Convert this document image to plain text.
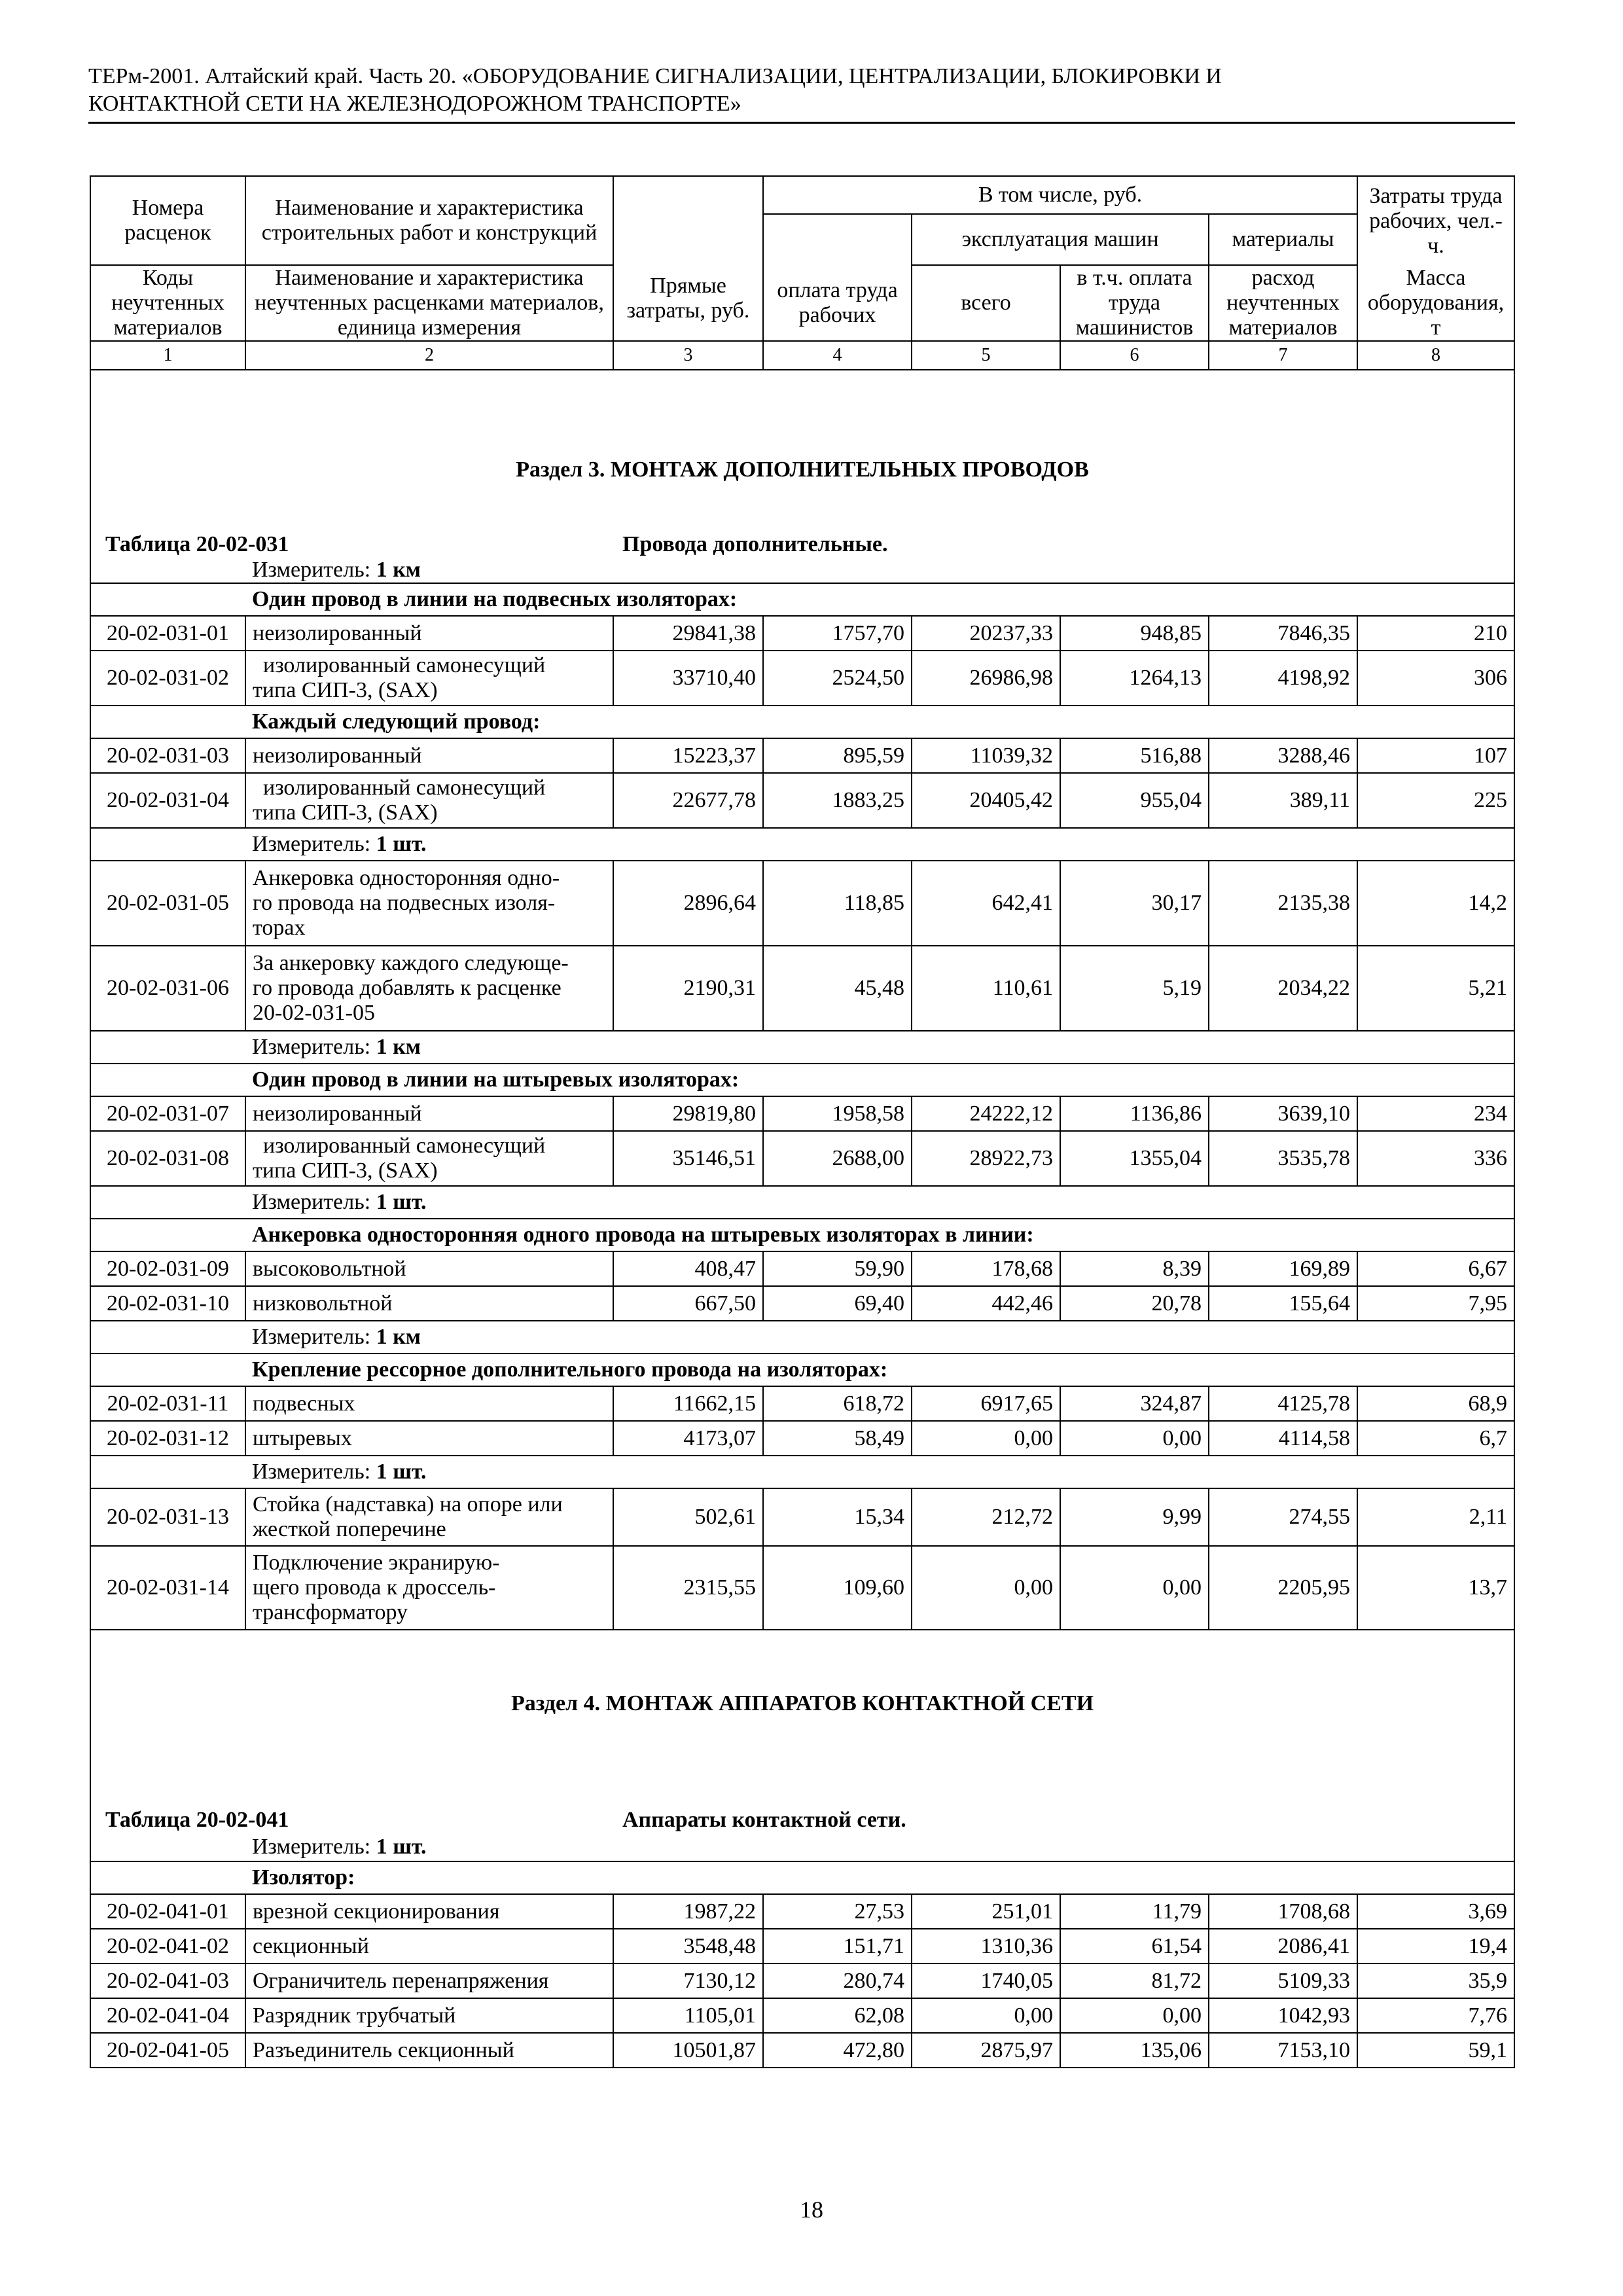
ТЕРм-2001. Алтайский край. Часть 20. «ОБОРУДОВАНИЕ СИГНАЛИЗАЦИИ, ЦЕНТРАЛИЗАЦИИ, БЛОКИРОВКИ И
КОНТАКТНОЙ СЕТИ НА ЖЕЛЕЗНОДОРОЖНОМ ТРАНСПОРТЕ»
Номера расценок	Наименование и характеристика строительных работ и конструкций	Прямые затраты, руб.	В том числе, руб.				Затраты труда рабочих, чел.-ч.
				эксплуатация машин		материалы	
Коды неучтенных материалов	Наименование и характеристика неучтенных расценками материалов, единица измерения		оплата труда рабочих	всего	в т.ч. оплата труда машинистов	расход неучтенных материалов	Масса оборудования, т
1	2	3	4	5	6	7	8
Раздел 3. МОНТАЖ ДОПОЛНИТЕЛЬНЫХ ПРОВОДОВ							
Таблица 20-02-031		Провода дополнительные.					
	Измеритель: 1 км						
	Один провод в линии на подвесных изоляторах:						
20-02-031-01	неизолированный	29841,38	1757,70	20237,33	948,85	7846,35	210
20-02-031-02	изолированный самонесущий
типа СИП-3, (SAX)	33710,40	2524,50	26986,98	1264,13	4198,92	306
	Каждый следующий провод:						
20-02-031-03	неизолированный	15223,37	895,59	11039,32	516,88	3288,46	107
20-02-031-04	изолированный самонесущий
типа СИП-3, (SAX)	22677,78	1883,25	20405,42	955,04	389,11	225
	Измеритель: 1 шт.						
20-02-031-05	Анкеровка односторонняя одно-
го провода на подвесных изоля-
торах	2896,64	118,85	642,41	30,17	2135,38	14,2
20-02-031-06	За анкеровку каждого следующе-
го провода добавлять к расценке
20-02-031-05	2190,31	45,48	110,61	5,19	2034,22	5,21
	Измеритель: 1 км						
	Один провод в линии на штыревых изоляторах:						
20-02-031-07	неизолированный	29819,80	1958,58	24222,12	1136,86	3639,10	234
20-02-031-08	изолированный самонесущий
типа СИП-3, (SAX)	35146,51	2688,00	28922,73	1355,04	3535,78	336
	Измеритель: 1 шт.						
	Анкеровка односторонняя одного провода на штыревых изоляторах в линии:						
20-02-031-09	высоковольтной	408,47	59,90	178,68	8,39	169,89	6,67
20-02-031-10	низковольтной	667,50	69,40	442,46	20,78	155,64	7,95
	Измеритель: 1 км						
	Крепление рессорное дополнительного провода на изоляторах:						
20-02-031-11	подвесных	11662,15	618,72	6917,65	324,87	4125,78	68,9
20-02-031-12	штыревых	4173,07	58,49	0,00	0,00	4114,58	6,7
	Измеритель: 1 шт.						
20-02-031-13	Стойка (надставка) на опоре или
жесткой поперечине	502,61	15,34	212,72	9,99	274,55	2,11
20-02-031-14	Подключение экранирую-
щего провода к дроссель-
трансформатору	2315,55	109,60	0,00	0,00	2205,95	13,7
Раздел 4. МОНТАЖ АППАРАТОВ КОНТАКТНОЙ СЕТИ							
Таблица 20-02-041		Аппараты контактной сети.					
	Измеритель: 1 шт.						
	Изолятор:						
20-02-041-01	врезной секционирования	1987,22	27,53	251,01	11,79	1708,68	3,69
20-02-041-02	секционный	3548,48	151,71	1310,36	61,54	2086,41	19,4
20-02-041-03	Ограничитель перенапряжения	7130,12	280,74	1740,05	81,72	5109,33	35,9
20-02-041-04	Разрядник трубчатый	1105,01	62,08	0,00	0,00	1042,93	7,76
20-02-041-05	Разъединитель секционный	10501,87	472,80	2875,97	135,06	7153,10	59,1
18
